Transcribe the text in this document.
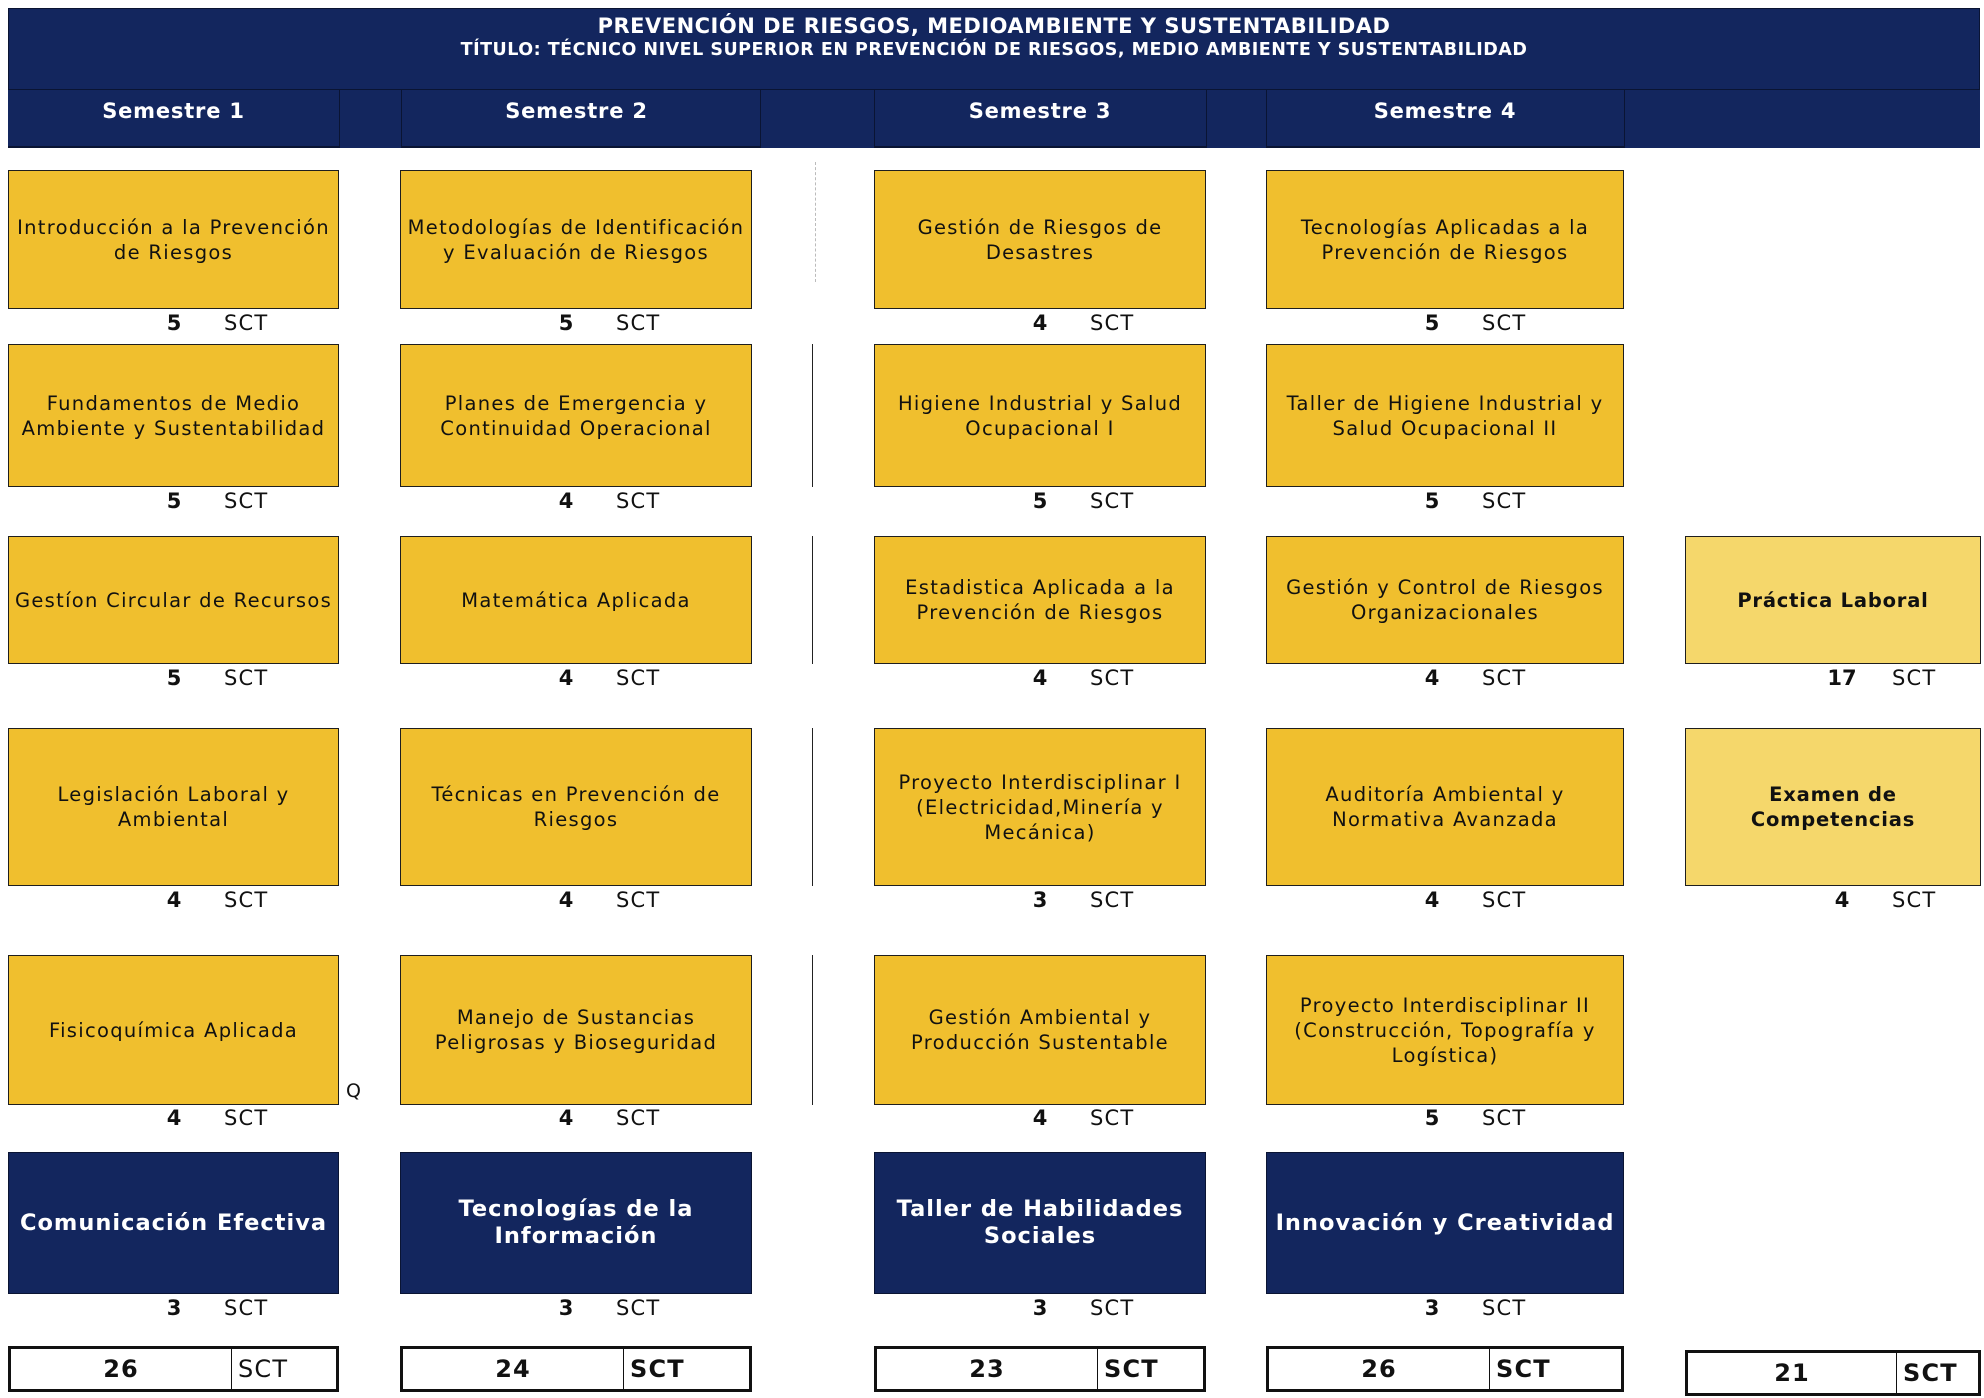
PREVENCIÓN DE RIESGOS, MEDIOAMBIENTE Y SUSTENTABILIDAD
TÍTULO: TÉCNICO NIVEL SUPERIOR EN PREVENCIÓN DE RIESGOS, MEDIO AMBIENTE Y SUSTENTABILIDAD
Semestre 1	Semestre 2	Semestre 3	Semestre 4
Introducción a la Prevención de Riesgos
5	SCT
Fundamentos de Medio Ambiente y Sustentabilidad
5	SCT
Gestíon Circular de Recursos
5	SCT
Legislación Laboral y Ambiental
4	SCT
Fisicoquímica Aplicada
4	SCT
Q
Comunicación Efectiva
3	SCT
26	SCT
Metodologías de Identificación y Evaluación de Riesgos
5	SCT
Planes de Emergencia y Continuidad Operacional
4	SCT
Matemática Aplicada
4	SCT
Técnicas en Prevención de Riesgos
4	SCT
Manejo de Sustancias Peligrosas y Bioseguridad
4	SCT
Tecnologías de la Información
3	SCT
24	SCT
Gestión de Riesgos de Desastres
4	SCT
Higiene Industrial y Salud Ocupacional I
5	SCT
Estadistica Aplicada a la Prevención de Riesgos
4	SCT
Proyecto Interdisciplinar I (Electricidad,Minería y Mecánica)
3	SCT
Gestión Ambiental y Producción Sustentable
4	SCT
Taller de Habilidades Sociales
3	SCT
23	SCT
Tecnologías Aplicadas a la Prevención de Riesgos
5	SCT
Taller de Higiene Industrial y Salud Ocupacional II
5	SCT
Gestión y Control de Riesgos Organizacionales
4	SCT
Auditoría Ambiental y Normativa Avanzada
4	SCT
Proyecto Interdisciplinar II (Construcción, Topografía y Logística)
5	SCT
Innovación y Creatividad
3	SCT
26	SCT
Práctica Laboral
17 SCT
Examen de Competencias
4	SCT
21	SCT
